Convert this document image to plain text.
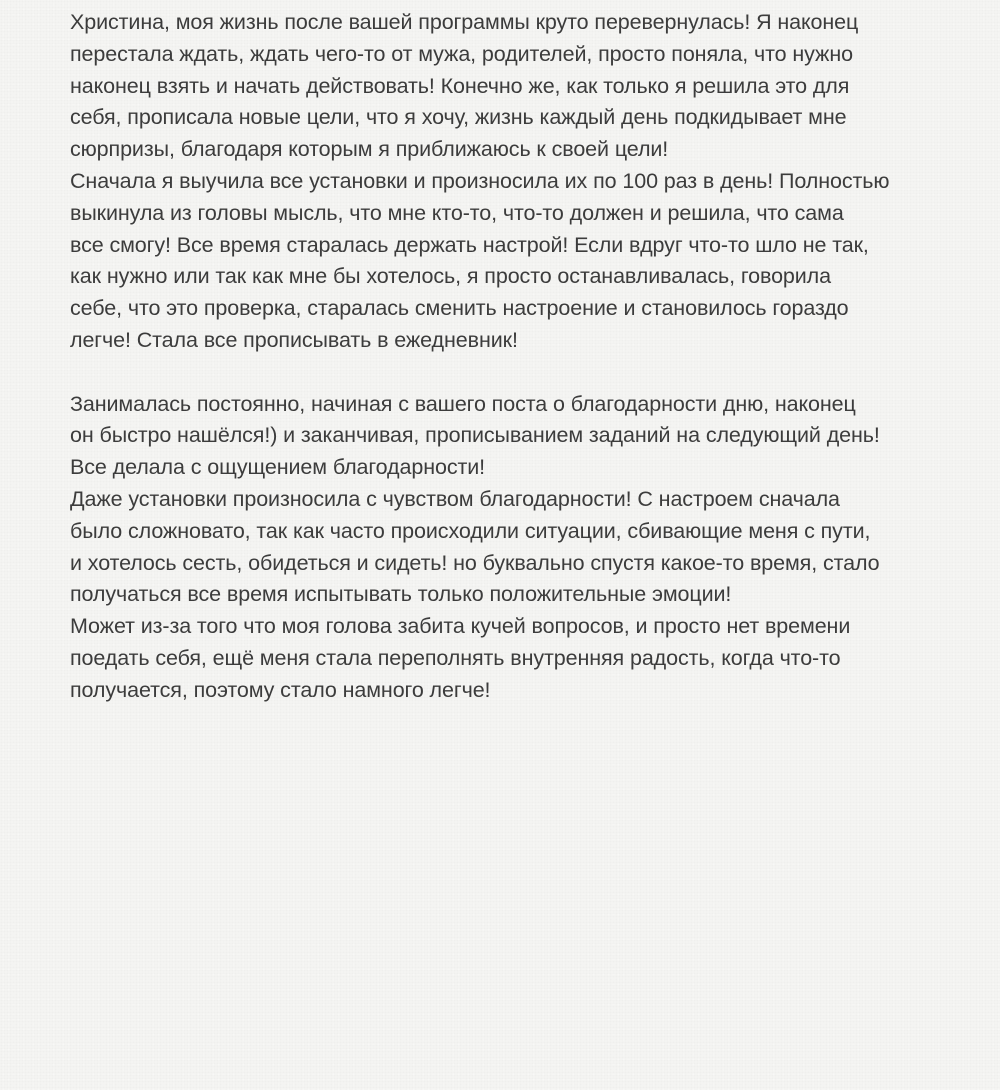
Христина, моя жизнь после вашей программы круто перевернулась! Я наконец
перестала ждать, ждать чего-то от мужа, родителей, просто поняла, что нужно
наконец взять и начать действовать! Конечно же, как только я решила это для
себя, прописала новые цели, что я хочу, жизнь каждый день подкидывает мне
сюрпризы, благодаря которым я приближаюсь к своей цели!
Сначала я выучила все установки и произносила их по 100 раз в день! Полностью
выкинула из головы мысль, что мне кто-то, что-то должен и решила, что сама
все смогу! Все время старалась держать настрой! Если вдруг что-то шло не так,
как нужно или так как мне бы хотелось, я просто останавливалась, говорила
себе, что это проверка, старалась сменить настроение и становилось гораздо
легче! Стала все прописывать в ежедневник!
Занималась постоянно, начиная с вашего поста о благодарности дню, наконец
он быстро нашёлся!) и заканчивая, прописыванием заданий на следующий день!
Все делала с ощущением благодарности!
Даже установки произносила с чувством благодарности! С настроем сначала
было сложновато, так как часто происходили ситуации, сбивающие меня с пути,
и хотелось сесть, обидеться и сидеть! но буквально спустя какое-то время, стало
получаться все время испытывать только положительные эмоции!
Может из-за того что моя голова забита кучей вопросов, и просто нет времени
поедать себя, ещё меня стала переполнять внутренняя радость, когда что-то
получается, поэтому стало намного легче!
